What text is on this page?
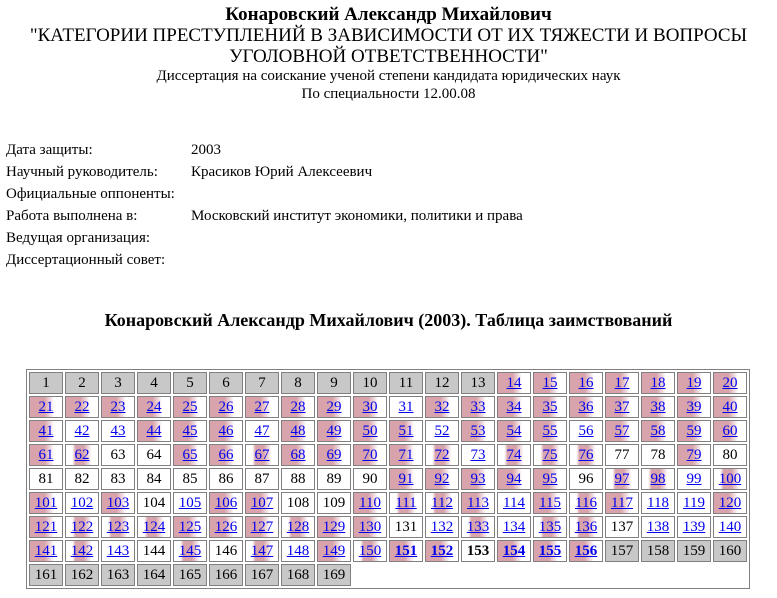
Конаровский Александр Михайлович
"КАТЕГОРИИ ПРЕСТУПЛЕНИЙ В ЗАВИСИМОСТИ ОТ ИХ ТЯЖЕСТИ И ВОПРОСЫ УГОЛОВНОЙ ОТВЕТСТВЕННОСТИ"
Диссертация на соискание ученой степени кандидата юридических наук
По специальности 12.00.08
Дата защиты:	2003
Научный руководитель:	Красиков Юрий Алексеевич
Официальные оппоненты:	
Работа выполнена в:	Московский институт экономики, политики и права
Ведущая организация:	
Диссертационный совет:	
Конаровский Александр Михайлович (2003). Таблица заимствований
1	2	3	4	5	6	7	8	9	10	11	12	13	14	15	16	17	18	19	20
21	22	23	24	25	26	27	28	29	30	31	32	33	34	35	36	37	38	39	40
41	42	43	44	45	46	47	48	49	50	51	52	53	54	55	56	57	58	59	60
61	62	63	64	65	66	67	68	69	70	71	72	73	74	75	76	77	78	79	80
81	82	83	84	85	86	87	88	89	90	91	92	93	94	95	96	97	98	99	100
101	102	103	104	105	106	107	108	109	110	111	112	113	114	115	116	117	118	119	120
121	122	123	124	125	126	127	128	129	130	131	132	133	134	135	136	137	138	139	140
141	142	143	144	145	146	147	148	149	150	151	152	153	154	155	156	157	158	159	160
161	162	163	164	165	166	167	168	169											
